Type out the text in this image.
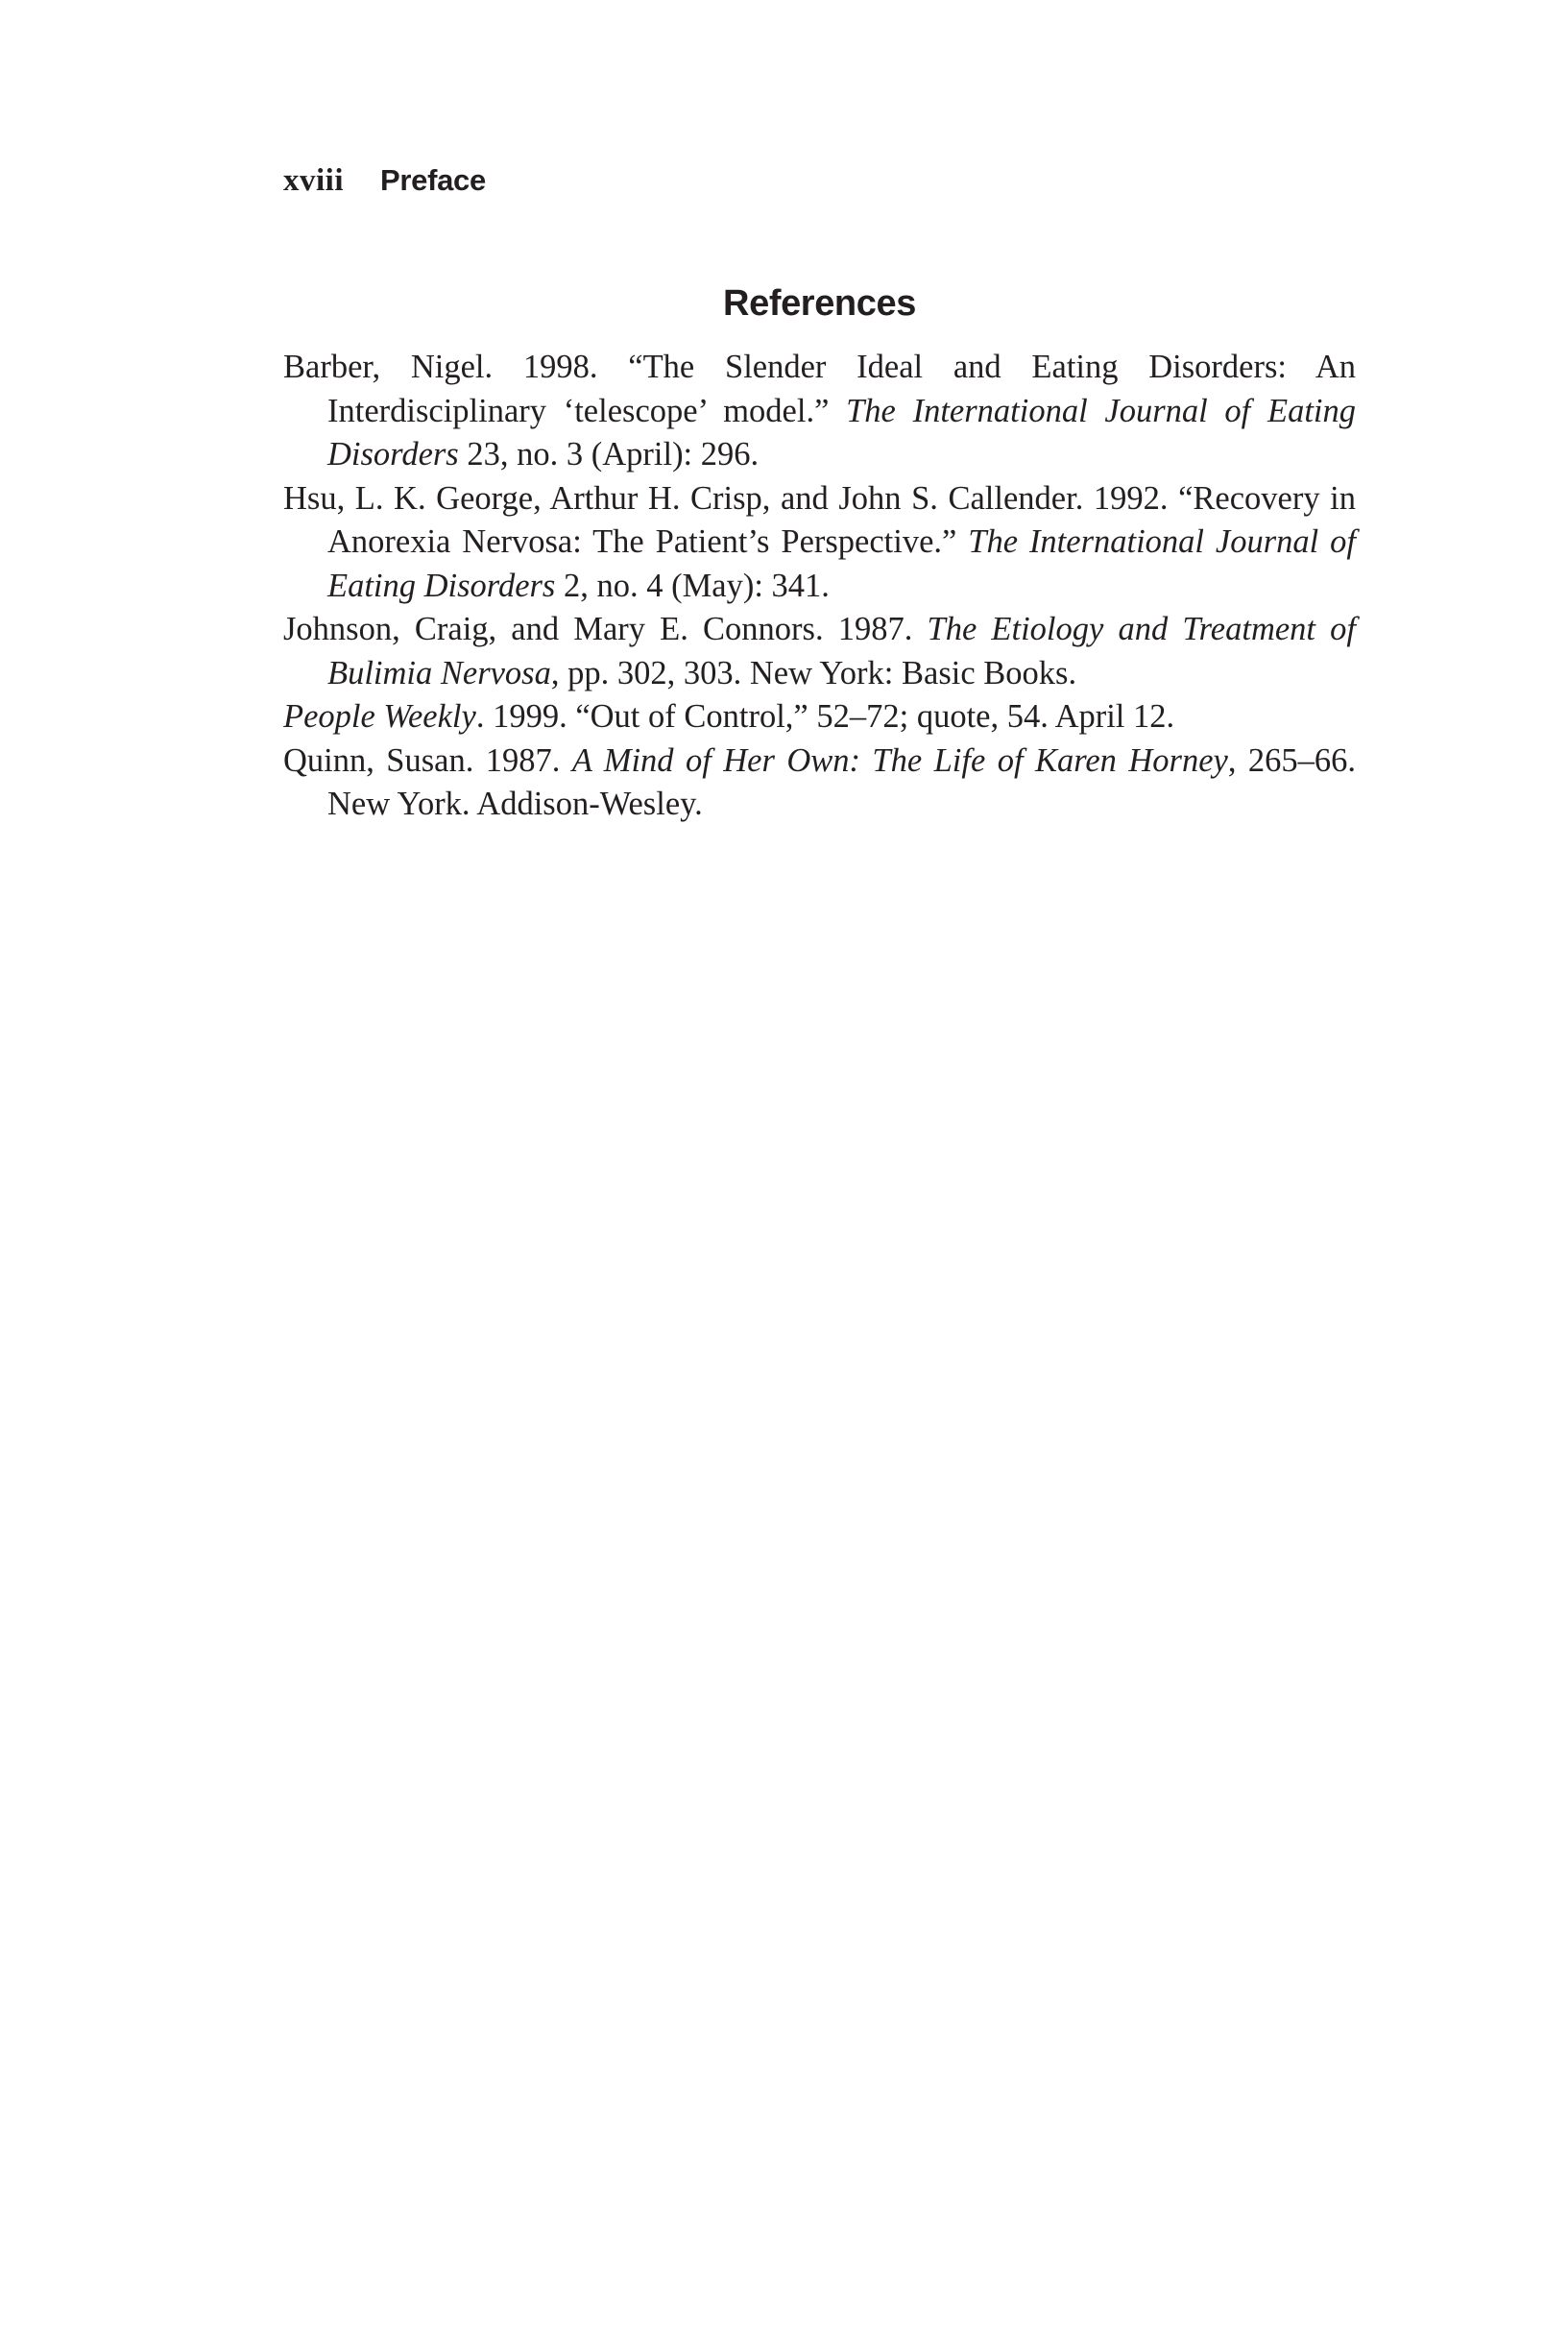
xviii Preface
References
Barber, Nigel. 1998. “The Slender Ideal and Eating Disorders: An Interdisciplinary ‘telescope’ model.” The International Journal of Eating Disorders 23, no. 3 (April): 296.
Hsu, L. K. George, Arthur H. Crisp, and John S. Callender. 1992. “Recovery in Anorexia Nervosa: The Patient’s Perspective.” The International Journal of Eating Disorders 2, no. 4 (May): 341.
Johnson, Craig, and Mary E. Connors. 1987. The Etiology and Treatment of Bulimia Nervosa, pp. 302, 303. New York: Basic Books.
People Weekly. 1999. “Out of Control,” 52–72; quote, 54. April 12.
Quinn, Susan. 1987. A Mind of Her Own: The Life of Karen Horney, 265–66. New York. Addison-Wesley.
